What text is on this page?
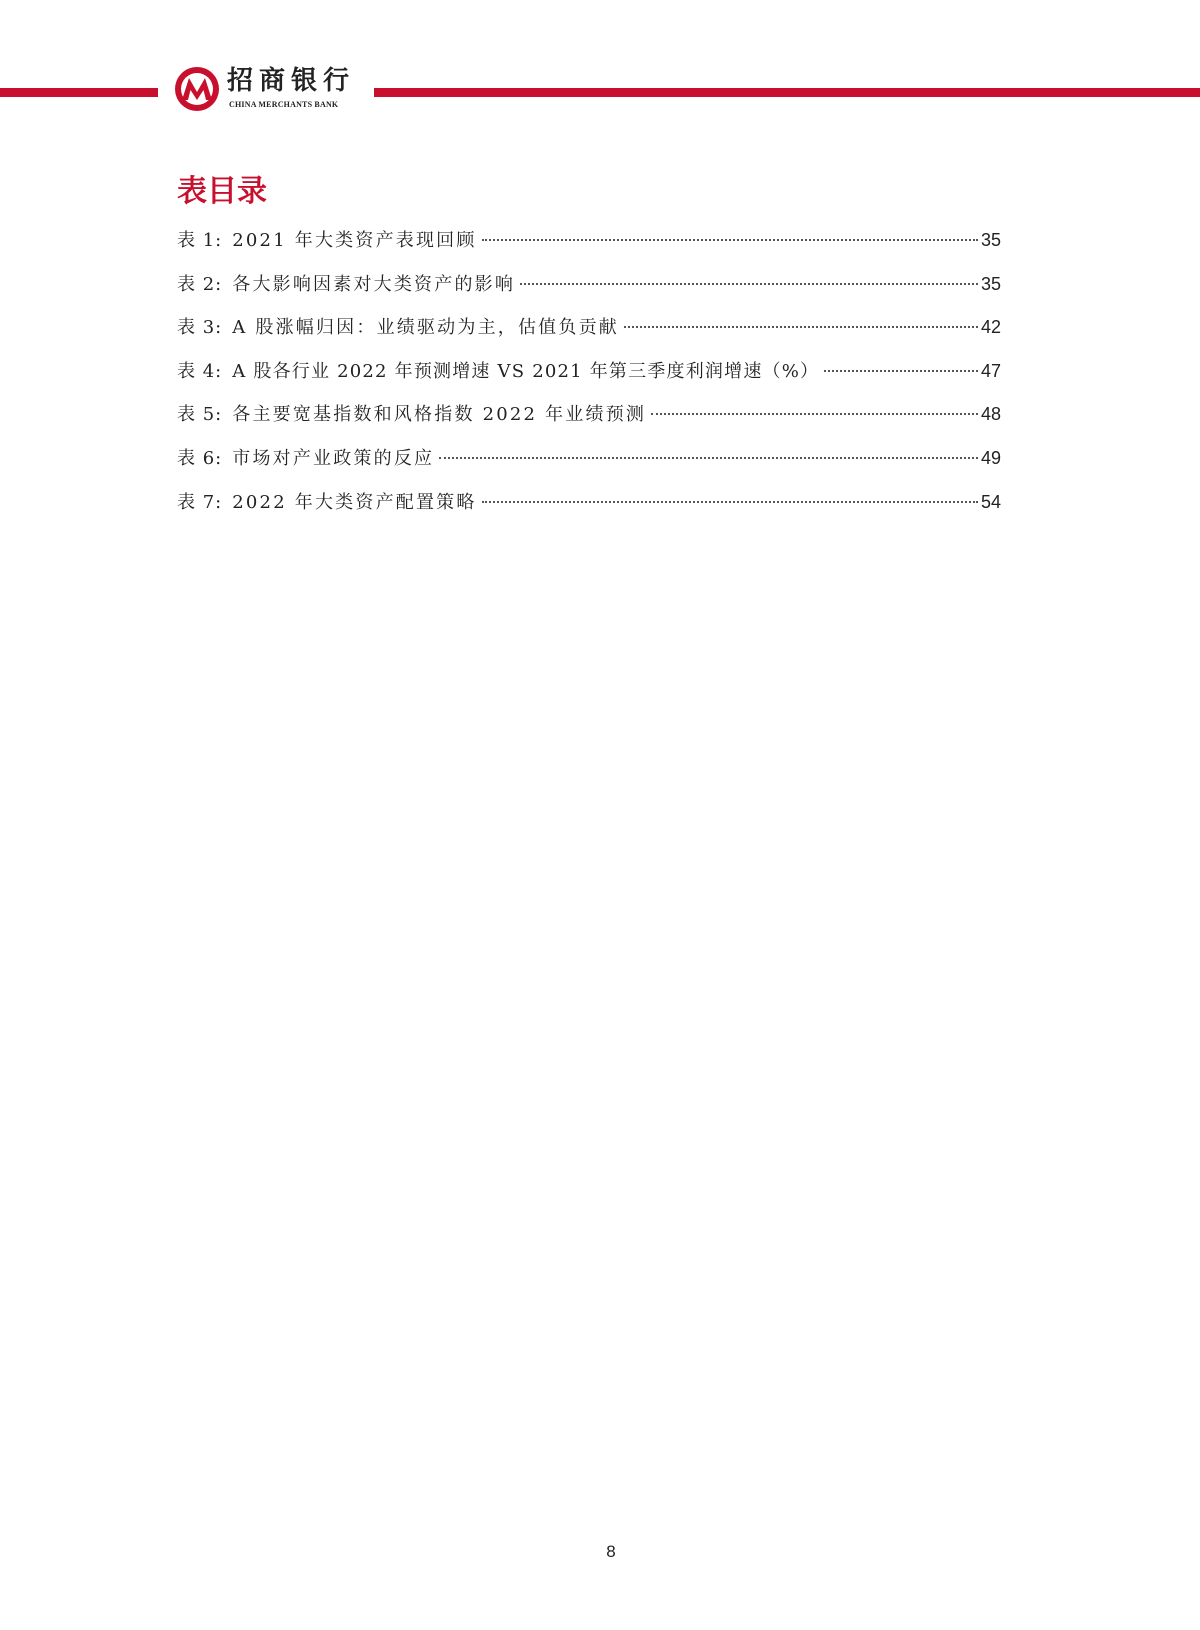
招商银行
CHINA MERCHANTS BANK
表目录
表 1: 2021 年大类资产表现回顾	35
表 2: 各大影响因素对大类资产的影响	35
表 3: A 股涨幅归因：业绩驱动为主，估值负贡献	42
表 4: A 股各行业 2022 年预测增速 VS 2021 年第三季度利润增速（%）	47
表 5: 各主要宽基指数和风格指数 2022 年业绩预测	48
表 6: 市场对产业政策的反应	49
表 7: 2022 年大类资产配置策略	54
8
